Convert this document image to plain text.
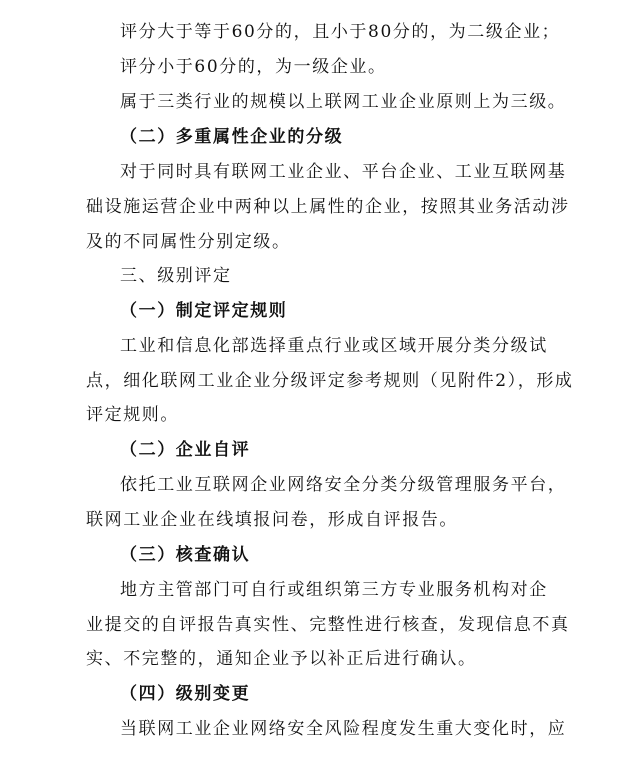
评分大于等于60分的，且小于80分的，为二级企业；
评分小于60分的，为一级企业。
属于三类行业的规模以上联网工业企业原则上为三级。
（二）多重属性企业的分级
对于同时具有联网工业企业、平台企业、工业互联网基
础设施运营企业中两种以上属性的企业，按照其业务活动涉
及的不同属性分别定级。
三、级别评定
（一）制定评定规则
工业和信息化部选择重点行业或区域开展分类分级试
点，细化联网工业企业分级评定参考规则（见附件2），形成
评定规则。
（二）企业自评
依托工业互联网企业网络安全分类分级管理服务平台，
联网工业企业在线填报问卷，形成自评报告。
（三）核查确认
地方主管部门可自行或组织第三方专业服务机构对企
业提交的自评报告真实性、完整性进行核查，发现信息不真
实、不完整的，通知企业予以补正后进行确认。
（四）级别变更
当联网工业企业网络安全风险程度发生重大变化时，应
